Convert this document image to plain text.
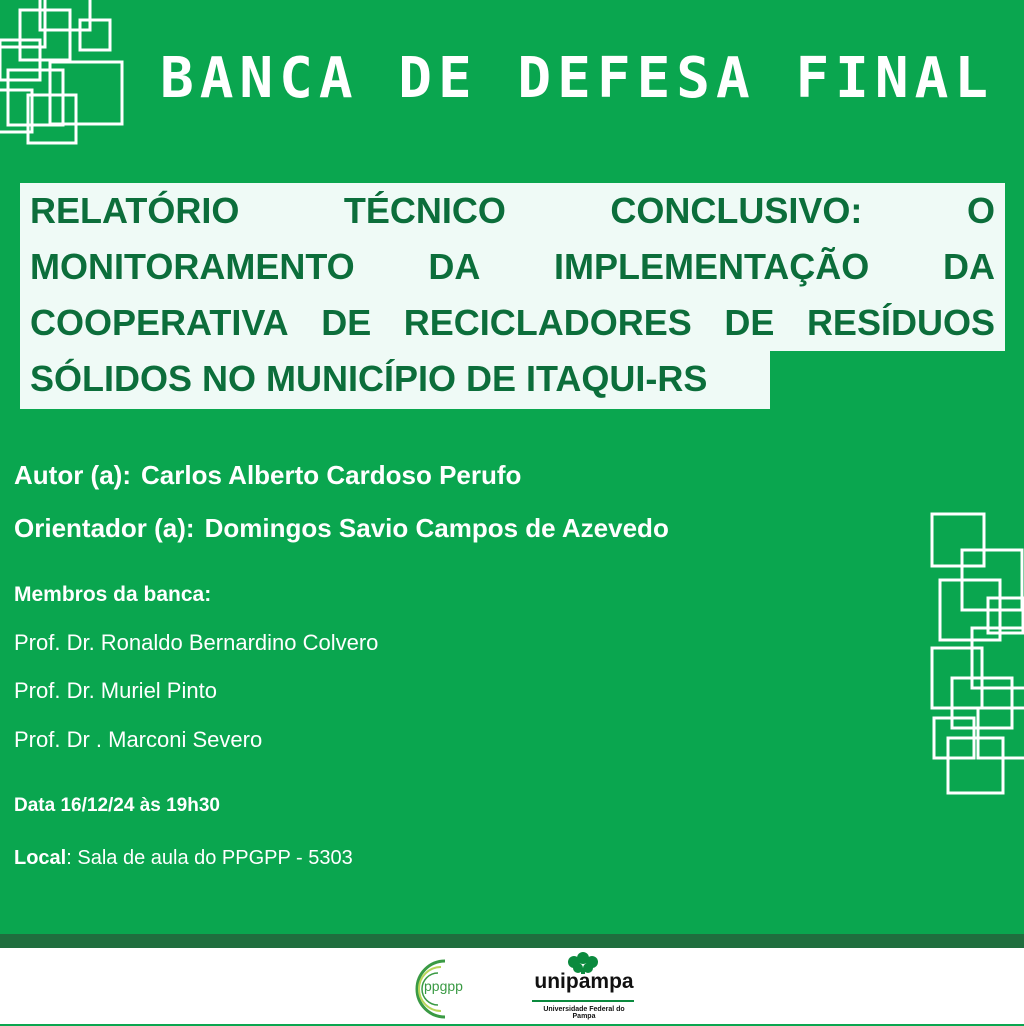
BANCA DE DEFESA FINAL
RELATÓRIO	TÉCNICO	CONCLUSIVO:	O
MONITORAMENTO DA IMPLEMENTAÇÃO DA
COOPERATIVA DE RECICLADORES DE RESÍDUOS
SÓLIDOS NO MUNICÍPIO DE ITAQUI-RS
Autor (a): Carlos Alberto Cardoso Perufo
Orientador (a): Domingos Savio Campos de Azevedo
Membros da banca:
Prof. Dr. Ronaldo Bernardino Colvero
Prof. Dr. Muriel Pinto
Prof. Dr . Marconi Severo
Data 16/12/24 às 19h30
Local: Sala de aula do PPGPP - 5303
ppgpp	unipampa
Universidade Federal do Pampa
